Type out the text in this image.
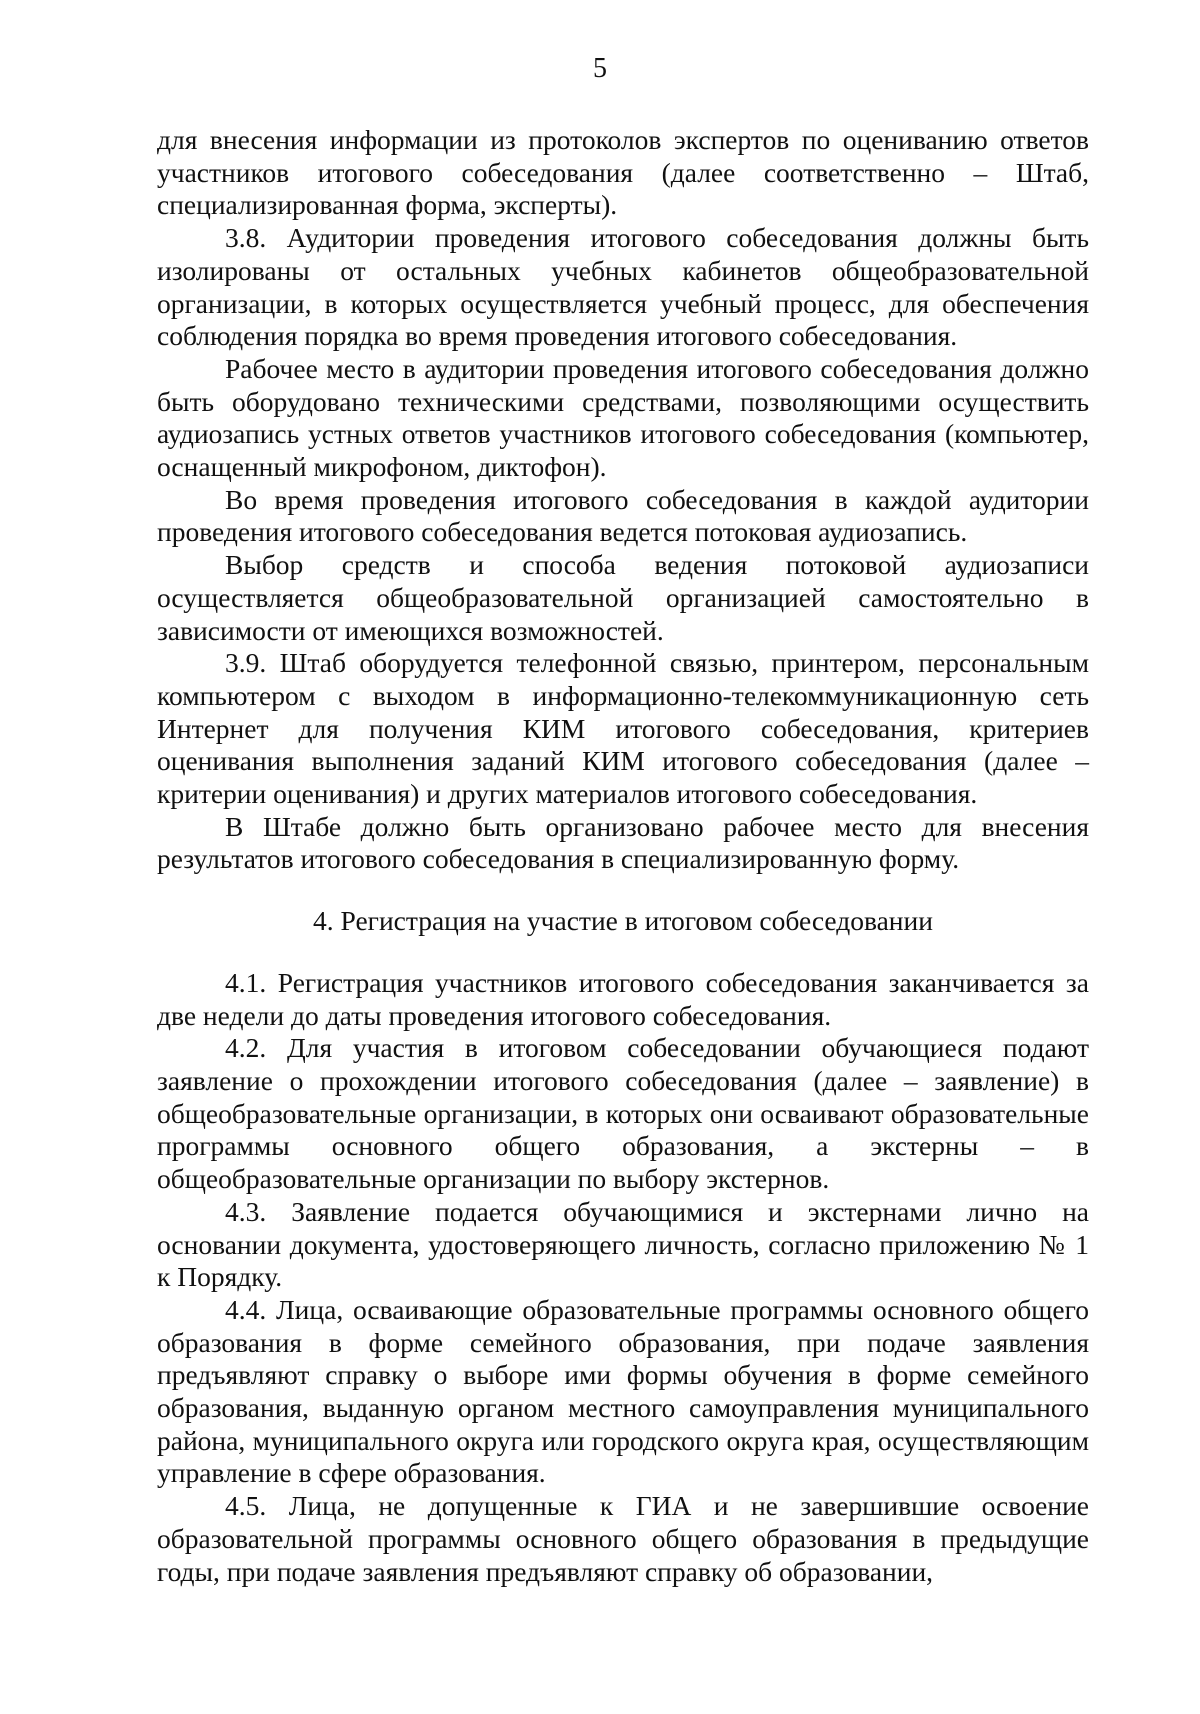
5

для внесения информации из протоколов экспертов по оцениванию ответов участников итогового собеседования (далее соответственно – Штаб, специализированная форма, эксперты).

3.8. Аудитории проведения итогового собеседования должны быть изолированы от остальных учебных кабинетов общеобразовательной организации, в которых осуществляется учебный процесс, для обеспечения соблюдения порядка во время проведения итогового собеседования.

Рабочее место в аудитории проведения итогового собеседования должно быть оборудовано техническими средствами, позволяющими осуществить аудиозапись устных ответов участников итогового собеседования (компьютер, оснащенный микрофоном, диктофон).

Во время проведения итогового собеседования в каждой аудитории проведения итогового собеседования ведется потоковая аудиозапись.

Выбор средств и способа ведения потоковой аудиозаписи осуществляется общеобразовательной организацией самостоятельно в зависимости от имеющихся возможностей.

3.9. Штаб оборудуется телефонной связью, принтером, персональным компьютером с выходом в информационно-телекоммуникационную сеть Интернет для получения КИМ итогового собеседования, критериев оценивания выполнения заданий КИМ итогового собеседования (далее – критерии оценивания) и других материалов итогового собеседования.

В Штабе должно быть организовано рабочее место для внесения результатов итогового собеседования в специализированную форму.

4. Регистрация на участие в итоговом собеседовании

4.1. Регистрация участников итогового собеседования заканчивается за две недели до даты проведения итогового собеседования.

4.2. Для участия в итоговом собеседовании обучающиеся подают заявление о прохождении итогового собеседования (далее – заявление) в общеобразовательные организации, в которых они осваивают образовательные программы основного общего образования, а экстерны – в общеобразовательные организации по выбору экстернов.

4.3. Заявление подается обучающимися и экстернами лично на основании документа, удостоверяющего личность, согласно приложению № 1 к Порядку.

4.4. Лица, осваивающие образовательные программы основного общего образования в форме семейного образования, при подаче заявления предъявляют справку о выборе ими формы обучения в форме семейного образования, выданную органом местного самоуправления муниципального района, муниципального округа или городского округа края, осуществляющим управление в сфере образования.

4.5. Лица, не допущенные к ГИА и не завершившие освоение образовательной программы основного общего образования в предыдущие годы, при подаче заявления предъявляют справку об образовании,
